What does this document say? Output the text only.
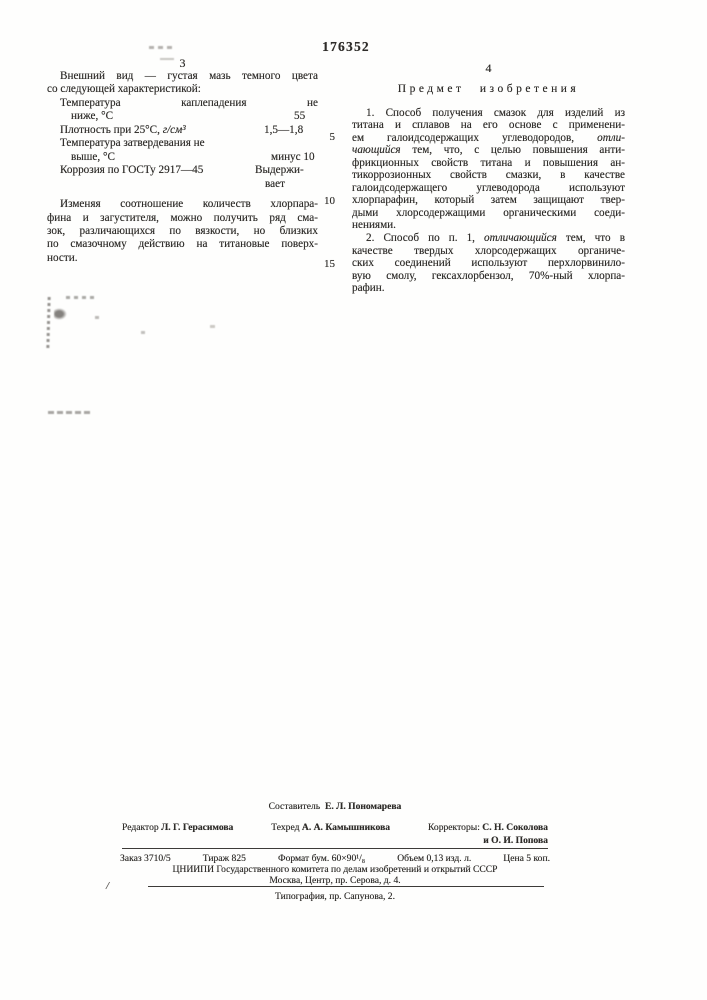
176352
3	4
Внешний вид — густая мазь темного цвета
со следующей характеристикой:
Температура каплепадения не
ниже, °С	55
Плотность при 25°С, г/см³	1,5—1,8
Температура затвердевания не
выше, °С	минус 10
Коррозия по ГОСТу 2917—45	Выдержи-

вает
Изменяя соотношение количеств хлорпара-
фина и загустителя, можно получить ряд сма-
зок, различающихся по вязкости, но близких
по смазочному действию на титановые поверх-
ности.
Предмет изобретения
1. Способ получения смазок для изделий из
титана и сплавов на его основе с применени-
ем галоидсодержащих углеводородов, отли-
чающийся тем, что, с целью повышения анти-
фрикционных свойств титана и повышения ан-
тикоррозионных свойств смазки, в качестве
галоидсодержащего углеводорода используют
хлорпарафин, который затем защищают твер-
дыми хлорсодержащими органическими соеди-
нениями.
2. Способ по п. 1, отличающийся тем, что в
качестве твердых хлорсодержащих органиче-
ских соединений используют перхлорвинило-
вую смолу, гексахлорбензол, 70%-ный хлорпа-
рафин.
5
10
15
Составитель Е. Л. Пономарева
Редактор Л. Г. Герасимова	Техред А. А. Камышникова	Корректоры: С. Н. Соколова
и О. И. Попова
Заказ 3710/5	Тираж 825	Формат бум. 60×90¹/₈	Объем 0,13 изд. л.	Цена 5 коп.
ЦНИИПИ Государственного комитета по делам изобретений и открытий СССР
Москва, Центр, пр. Серова, д. 4.
Типография, пр. Сапунова, 2.
/
